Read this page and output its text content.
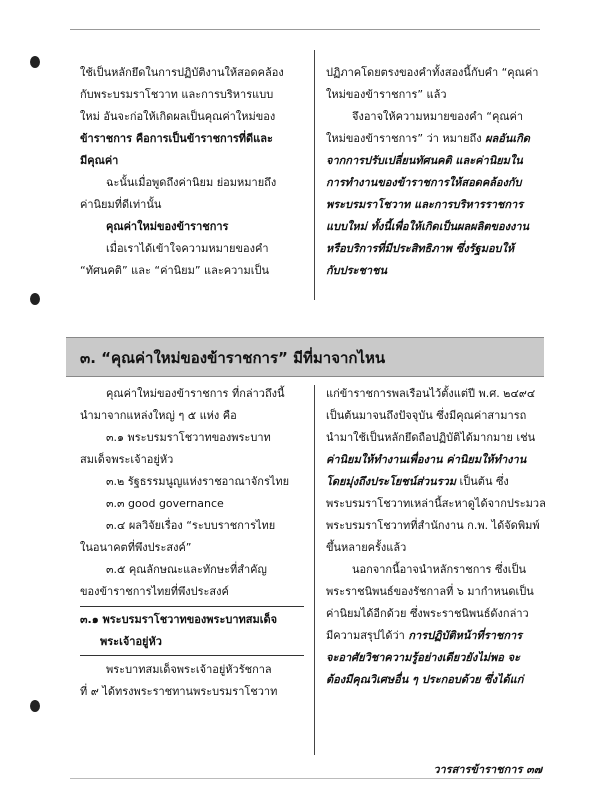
ใช้เป็นหลักยึดในการปฏิบัติงานให้สอดคล้อง

กับพระบรมราโชวาท และการบริหารแบบ

ใหม่ อันจะก่อให้เกิดผลเป็นคุณค่าใหม่ของ

ข้าราชการ คือการเป็นข้าราชการที่ดีและ

มีคุณค่า

ฉะนั้นเมื่อพูดถึงค่านิยม ย่อมหมายถึง

ค่านิยมที่ดีเท่านั้น

คุณค่าใหม่ของข้าราชการ

เมื่อเราได้เข้าใจความหมายของคำ

“ทัศนคติ” และ “ค่านิยม” และความเป็น

ปฏิภาคโดยตรงของคำทั้งสองนี้กับคำ “คุณค่า

ใหม่ของข้าราชการ” แล้ว

จึงอาจให้ความหมายของคำ “คุณค่า

ใหม่ของข้าราชการ” ว่า หมายถึง ผลอันเกิด

จากการปรับเปลี่ยนทัศนคติ และค่านิยมใน

การทำงานของข้าราชการให้สอดคล้องกับ

พระบรมราโชวาท และการบริหารราชการ

แบบใหม่ ทั้งนี้เพื่อให้เกิดเป็นผลผลิตของงาน

หรือบริการที่มีประสิทธิภาพ ซึ่งรัฐมอบให้

กับประชาชน

๓. “คุณค่าใหม่ของข้าราชการ” มีที่มาจากไหน

คุณค่าใหม่ของข้าราชการ ที่กล่าวถึงนี้

นำมาจากแหล่งใหญ่ ๆ ๕ แห่ง คือ

๓.๑ พระบรมราโชวาทของพระบาท

สมเด็จพระเจ้าอยู่หัว

๓.๒ รัฐธรรมนูญแห่งราชอาณาจักรไทย

๓.๓ good governance

๓.๔ ผลวิจัยเรื่อง “ระบบราชการไทย

ในอนาคตที่พึงประสงค์”

๓.๕ คุณลักษณะและทักษะที่สำคัญ

ของข้าราชการไทยที่พึงประสงค์

๓.๑ พระบรมราโชวาทของพระบาทสมเด็จ

พระเจ้าอยู่หัว

พระบาทสมเด็จพระเจ้าอยู่หัวรัชกาล

ที่ ๙ ได้ทรงพระราชทานพระบรมราโชวาท

แก่ข้าราชการพลเรือนไว้ตั้งแต่ปี พ.ศ. ๒๔๙๔

เป็นต้นมาจนถึงปัจจุบัน ซึ่งมีคุณค่าสามารถ

นำมาใช้เป็นหลักยึดถือปฏิบัติได้มากมาย เช่น

ค่านิยมให้ทำงานเพื่องาน ค่านิยมให้ทำงาน

โดยมุ่งถึงประโยชน์ส่วนรวม เป็นต้น ซึ่ง

พระบรมราโชวาทเหล่านี้สะหาดูได้จากประมวล

พระบรมราโชวาทที่สำนักงาน ก.พ. ได้จัดพิมพ์

ขึ้นหลายครั้งแล้ว

นอกจากนี้อาจนำหลักราชการ ซึ่งเป็น

พระราชนิพนธ์ของรัชกาลที่ ๖ มากำหนดเป็น

ค่านิยมได้อีกด้วย ซึ่งพระราชนิพนธ์ดังกล่าว

มีความสรุปได้ว่า การปฏิบัติหน้าที่ราชการ

จะอาศัยวิชาความรู้อย่างเดียวยังไม่พอ จะ

ต้องมีคุณวิเศษอื่น ๆ ประกอบด้วย ซึ่งได้แก่

วารสารข้าราชการ ๓๗
